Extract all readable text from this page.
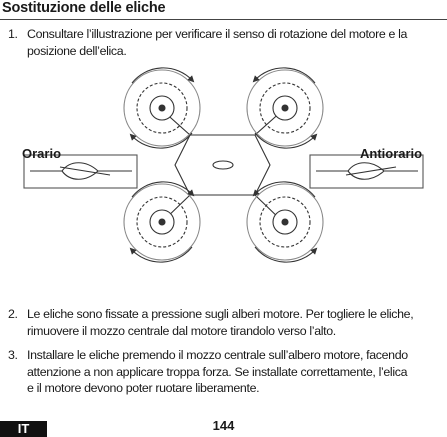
Sostituzione delle eliche
1. Consultare l’illustrazione per verificare il senso di rotazione del motore e la
posizione dell’elica.
Orario	Antiorario
2. Le eliche sono fissate a pressione sugli alberi motore. Per togliere le eliche,
rimuovere il mozzo centrale dal motore tirandolo verso l’alto.
3. Installare le eliche premendo il mozzo centrale sull’albero motore, facendo
attenzione a non applicare troppa forza. Se installate correttamente, l’elica
e il motore devono poter ruotare liberamente.
IT	144
